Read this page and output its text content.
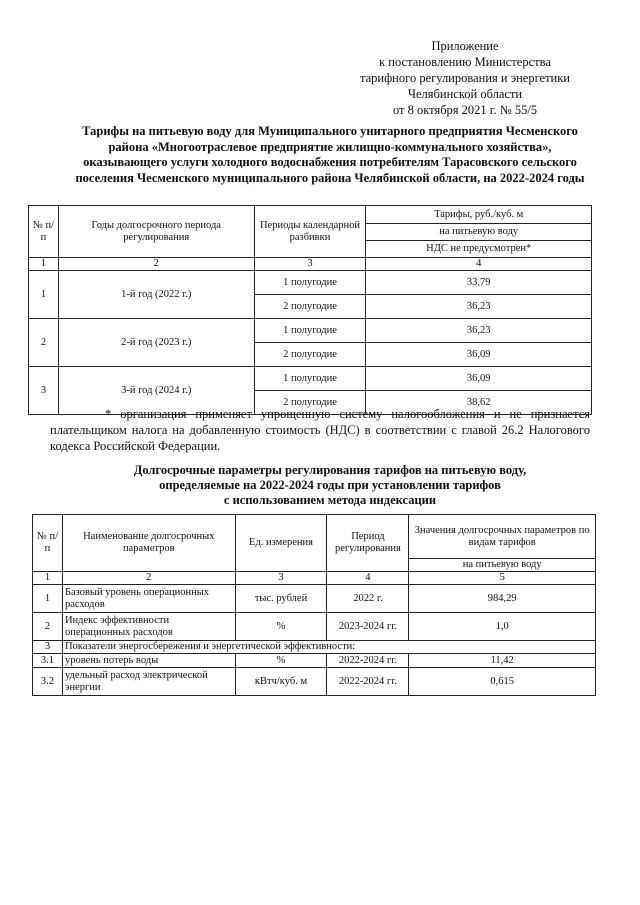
Приложение
к постановлению Министерства
тарифного регулирования и энергетики
Челябинской области
от 8 октября 2021 г. № 55/5
Тарифы на питьевую воду для Муниципального унитарного предприятия Чесменского района «Многоотраслевое предприятие жилищно-коммунального хозяйства», оказывающего услуги холодного водоснабжения потребителям Тарасовского сельского поселения Чесменского муниципального района Челябинской области, на 2022-2024 годы
№ п/п	Годы долгосрочного периода регулирования	Периоды календарной разбивки	Тарифы, руб./куб. м
			на питьевую воду
			НДС не предусмотрен*
1	2	3	4
1	1-й год (2022 г.)	1 полугодие	33,79
		2 полугодие	36,23
2	2-й год (2023 г.)	1 полугодие	36,23
		2 полугодие	36,09
3	3-й год (2024 г.)	1 полугодие	36,09
		2 полугодие	38,62
* организация применяет упрощенную систему налогообложения и не признается плательщиком налога на добавленную стоимость (НДС) в соответствии с главой 26.2 Налогового кодекса Российской Федерации.
Долгосрочные параметры регулирования тарифов на питьевую воду,
определяемые на 2022-2024 годы при установлении тарифов
с использованием метода индексации
№ п/п	Наименование долгосрочных параметров	Ед. измерения	Период регулирования	Значения долгосрочных параметров по видам тарифов
				на питьевую воду
1	2	3	4	5
1	Базовый уровень операционных расходов	тыс. рублей	2022 г.	984,29
2	Индекс эффективности операционных расходов	%	2023-2024 гг.	1,0
3	Показатели энергосбережения и энергетической эффективности:			
3.1	уровень потерь воды	%	2022-2024 гг.	11,42
3.2	удельный расход электрической энергии	кВтч/куб. м	2022-2024 гг.	0,615
